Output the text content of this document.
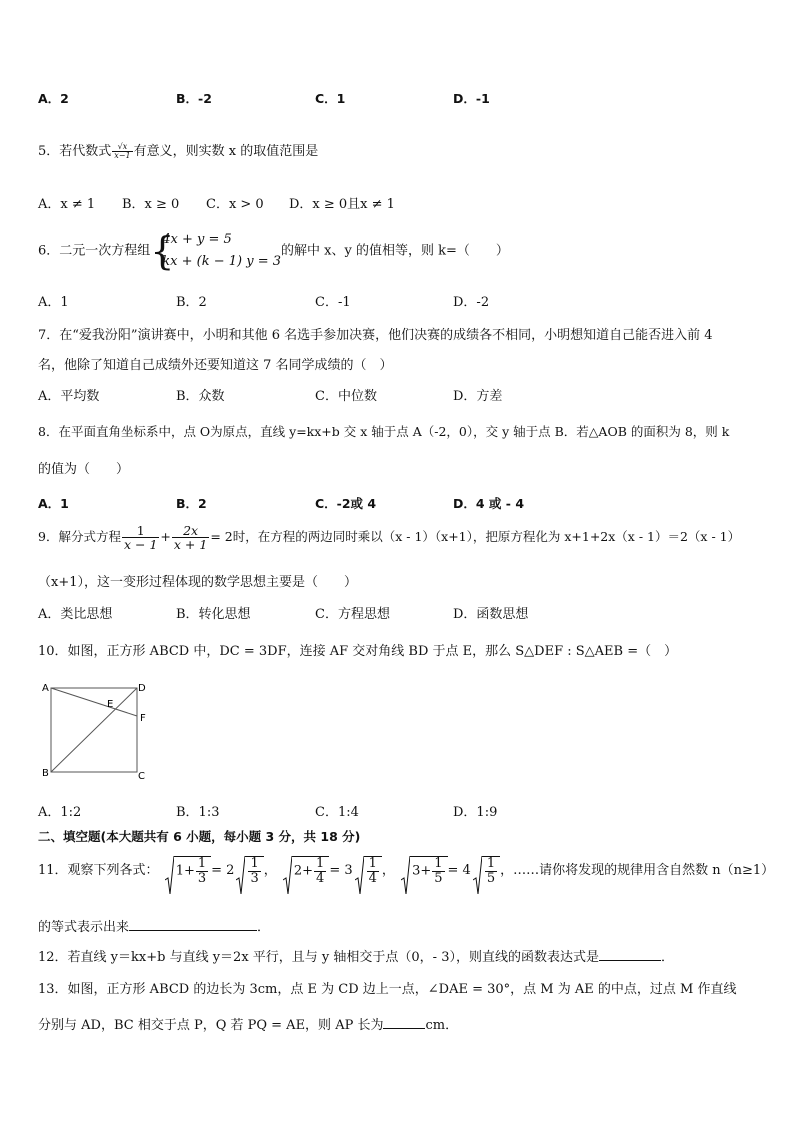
A．2	B．-2	C．1	D．-1
5．若代数式 $\frac{√x}{x-1}$ 有意义，则实数 x 的取值范围是
A．x ≠ 1 B．x ≥ 0 C．x > 0 D．x ≥ 0且x ≠ 1
6．二元一次方程组 {
4x + y = 5
kx + (k − 1) y = 3
的解中 x、y 的值相等，则 k=（　　）
A．1	B．2	C．-1	D．-2
7．在“爱我汾阳”演讲赛中，小明和其他 6 名选手参加决赛，他们决赛的成绩各不相同，小明想知道自己能否进入前 4
名，他除了知道自己成绩外还要知道这 7 名同学成绩的（　）
A．平均数	B．众数	C．中位数	D．方差
8．在平面直角坐标系中，点 O为原点，直线 y=kx+b 交 x 轴于点 A（-2，0），交 y 轴于点 B．若△AOB 的面积为 8，则 k
的值为（　　）
A．1	B．2	C．-2或 4	D．4 或 - 4
9．解分式方程 $\frac{1}{x - 1} + \frac{2x}{x + 1} = 2$时，在方程的两边同时乘以（x - 1）（x+1），把原方程化为 x+1+2x（x - 1）＝2（x - 1）
（x+1），这一变形过程体现的数学思想主要是（　　）
A．类比思想	B．转化思想	C．方程思想	D．函数思想
10．如图，正方形 ABCD 中，DC = 3DF，连接 AF 交对角线 BD 于点 E，那么 S△DEF : S△AEB =（　）
A	D
E
F
B	C
A．1:2	B．1:3	C．1:4	D．1:9
二、填空题(本大题共有 6 小题，每小题 3 分，共 18 分)
11．观察下列各式： $1+ \frac{1}{3} = 2 \frac{1}{3}$ ， $2+ \frac{1}{4} = 3 \frac{1}{4}$ ， $3+ \frac{1}{5} = 4 \frac{1}{5}$ ，……请你将发现的规律用含自然数 n（n≥1）
的等式表示出来	．
12．若直线 y＝kx+b 与直线 y＝2x 平行，且与 y 轴相交于点（0，- 3），则直线的函数表达式是	．
13．如图，正方形 ABCD 的边长为 3cm，点 E 为 CD 边上一点，∠DAE = 30°，点 M 为 AE 的中点，过点 M 作直线
分别与 AD，BC 相交于点 P，Q 若 PQ = AE，则 AP 长为	cm．
